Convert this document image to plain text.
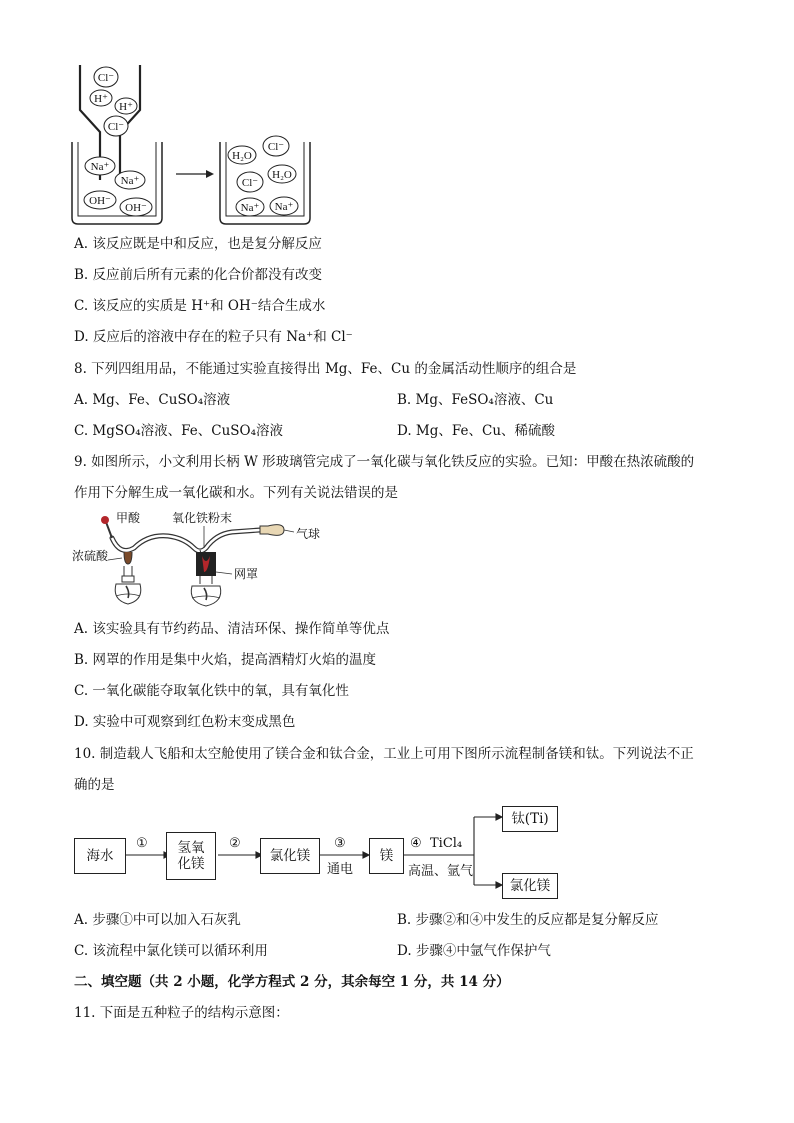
Cl⁻
H⁺
H⁺
Cl⁻
Na⁺
Na⁺
OH⁻
OH⁻
H₂O
Cl⁻
Cl⁻
H₂O
Na⁺ Na⁺
A. 该反应既是中和反应，也是复分解反应
B. 反应前后所有元素的化合价都没有改变
C. 该反应的实质是 H⁺和 OH⁻结合生成水
D. 反应后的溶液中存在的粒子只有 Na⁺和 Cl⁻
8. 下列四组用品，不能通过实验直接得出 Mg、Fe、Cu 的金属活动性顺序的组合是
A. Mg、Fe、CuSO₄溶液	B. Mg、FeSO₄溶液、Cu
C. MgSO₄溶液、Fe、CuSO₄溶液	D. Mg、Fe、Cu、稀硫酸
9. 如图所示，小文利用长柄 W 形玻璃管完成了一氧化碳与氧化铁反应的实验。已知：甲酸在热浓硫酸的
作用下分解生成一氧化碳和水。下列有关说法错误的是
甲酸	氧化铁粉末
气球
浓硫酸
网罩
A. 该实验具有节约药品、清洁环保、操作简单等优点
B. 网罩的作用是集中火焰，提高酒精灯火焰的温度
C. 一氧化碳能夺取氧化铁中的氧，具有氧化性
D. 实验中可观察到红色粉末变成黑色
10. 制造载人飞船和太空舱使用了镁合金和钛合金，工业上可用下图所示流程制备镁和钛。下列说法不正
确的是
海水	氢氧
化镁	氯化镁	镁
钛(Ti)
氯化镁
①	②	③
通电
④ TiCl₄
高温、氩气
A. 步骤①中可以加入石灰乳	B. 步骤②和④中发生的反应都是复分解反应
C. 该流程中氯化镁可以循环利用	D. 步骤④中氩气作保护气
二、填空题（共 2 小题，化学方程式 2 分，其余每空 1 分，共 14 分）
11. 下面是五种粒子的结构示意图：
